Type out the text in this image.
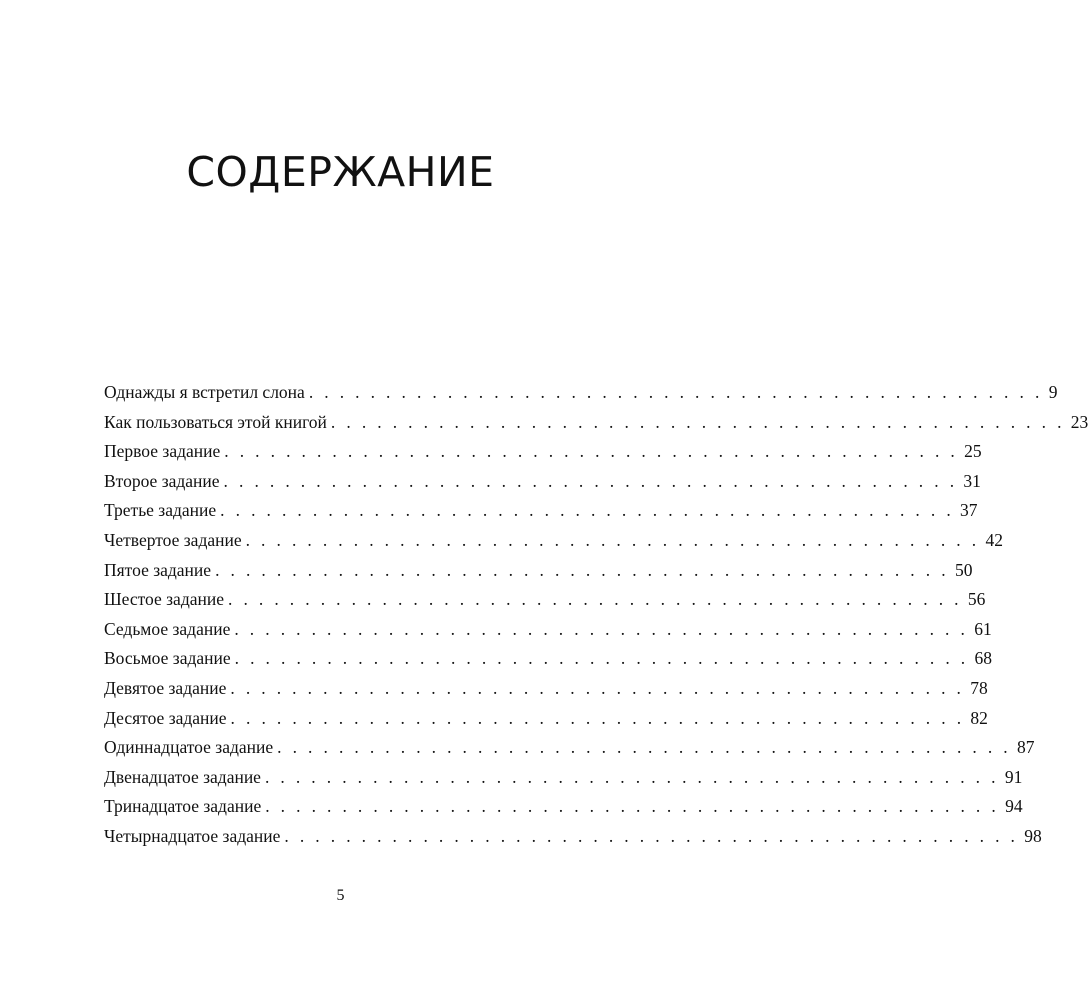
СОДЕРЖАНИЕ
Однажды я встретил слона . . . . . . . . . . . . . . . . . . . . . . . . . . . . . . . . . . . . . . . . . . . . . . . . 9
Как пользоваться этой книгой . . . . . . . . . . . . . . . . . . . . . . . . . . . . . . . . . . . . . . . . . . . . . . . . 23
Первое задание . . . . . . . . . . . . . . . . . . . . . . . . . . . . . . . . . . . . . . . . . . . . . . . . 25
Второе задание . . . . . . . . . . . . . . . . . . . . . . . . . . . . . . . . . . . . . . . . . . . . . . . . 31
Третье задание . . . . . . . . . . . . . . . . . . . . . . . . . . . . . . . . . . . . . . . . . . . . . . . . 37
Четвертое задание . . . . . . . . . . . . . . . . . . . . . . . . . . . . . . . . . . . . . . . . . . . . . . . . 42
Пятое задание . . . . . . . . . . . . . . . . . . . . . . . . . . . . . . . . . . . . . . . . . . . . . . . . 50
Шестое задание . . . . . . . . . . . . . . . . . . . . . . . . . . . . . . . . . . . . . . . . . . . . . . . . 56
Седьмое задание . . . . . . . . . . . . . . . . . . . . . . . . . . . . . . . . . . . . . . . . . . . . . . . . 61
Восьмое задание . . . . . . . . . . . . . . . . . . . . . . . . . . . . . . . . . . . . . . . . . . . . . . . . 68
Девятое задание . . . . . . . . . . . . . . . . . . . . . . . . . . . . . . . . . . . . . . . . . . . . . . . . 78
Десятое задание . . . . . . . . . . . . . . . . . . . . . . . . . . . . . . . . . . . . . . . . . . . . . . . . 82
Одиннадцатое задание . . . . . . . . . . . . . . . . . . . . . . . . . . . . . . . . . . . . . . . . . . . . . . . . 87
Двенадцатое задание . . . . . . . . . . . . . . . . . . . . . . . . . . . . . . . . . . . . . . . . . . . . . . . . 91
Тринадцатое задание . . . . . . . . . . . . . . . . . . . . . . . . . . . . . . . . . . . . . . . . . . . . . . . . 94
Четырнадцатое задание . . . . . . . . . . . . . . . . . . . . . . . . . . . . . . . . . . . . . . . . . . . . . . . . 98
5
